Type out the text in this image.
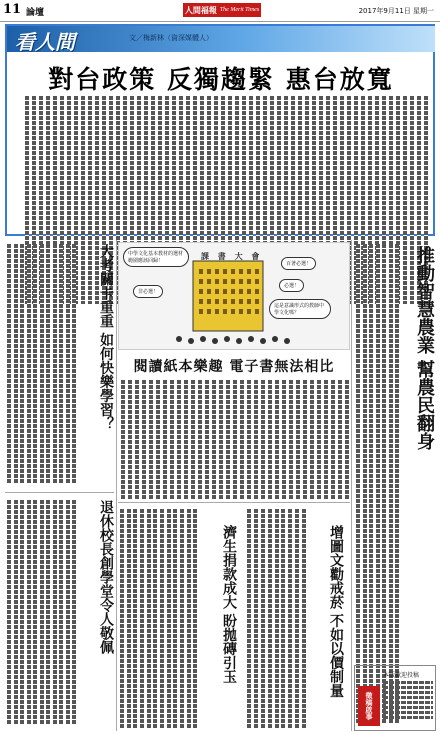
11 論壇	人間福報 The Merit Times	2017年9月11日 星期一
看人間	文／梅新林（資深媒體人）
對台政策 反獨趨緊 惠台放寬
推動智慧農業 幫農民翻身
大考關卡重重 如何快樂學習？
退休校長創學堂令人敬佩
課 書 大 會
中學文化基本教材的選材範圍應該回歸！
非必選！
百著必選！
必選！
這是意識形式的教師中學文化嗎？
閱讀紙本樂趣 電子書無法相比
增圖文勸戒菸 不如以價制量
濟生捐款成大 盼拋磚引玉
徵稿啟事
本版歡迎投稿
